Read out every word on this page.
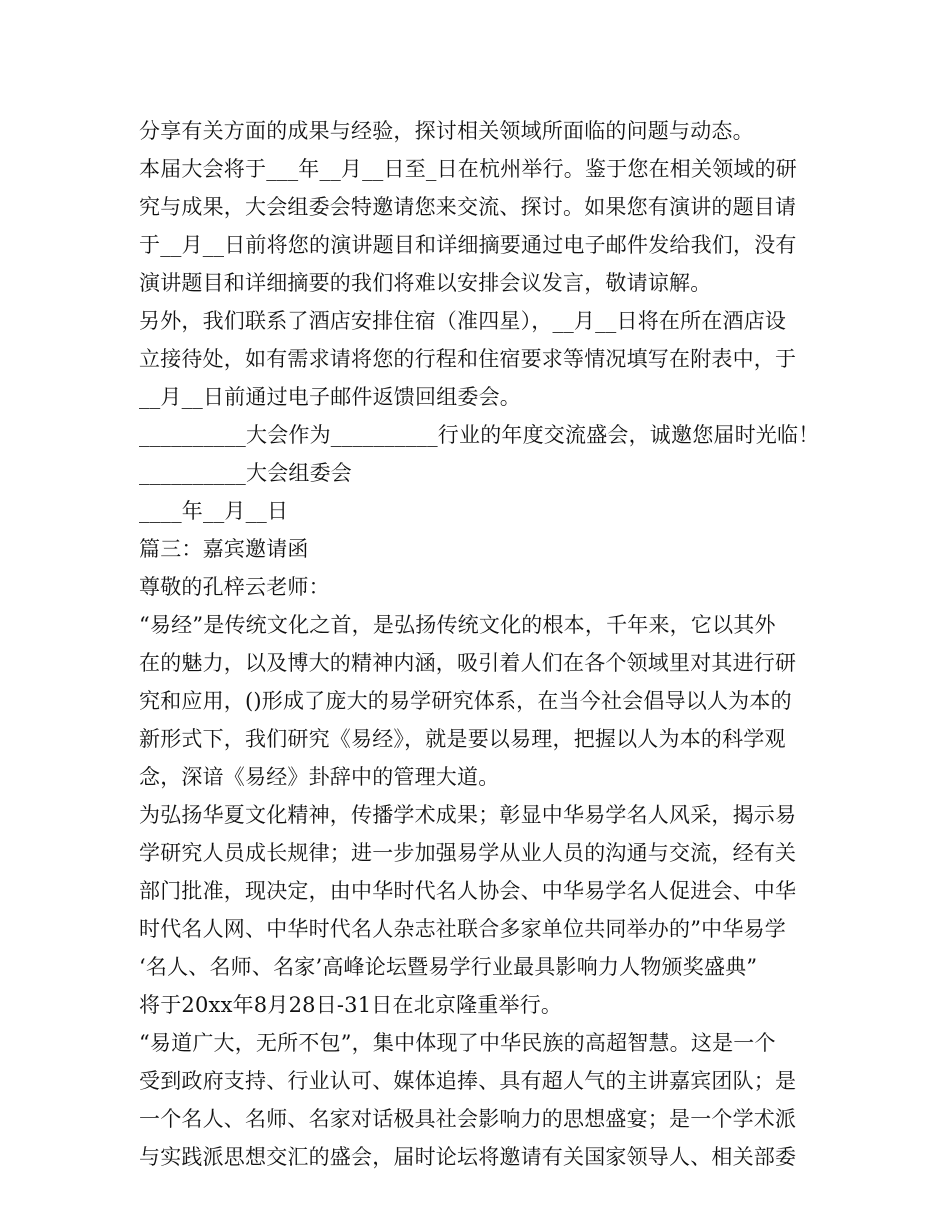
分享有关方面的成果与经验，探讨相关领域所面临的问题与动态。
本届大会将于___年__月__日至_日在杭州举行。鉴于您在相关领域的研
究与成果，大会组委会特邀请您来交流、探讨。如果您有演讲的题目请
于__月__日前将您的演讲题目和详细摘要通过电子邮件发给我们，没有
演讲题目和详细摘要的我们将难以安排会议发言，敬请谅解。
另外，我们联系了酒店安排住宿（准四星），__月__日将在所在酒店设
立接待处，如有需求请将您的行程和住宿要求等情况填写在附表中，于
__月__日前通过电子邮件返馈回组委会。
__________大会作为__________行业的年度交流盛会，诚邀您届时光临！
__________大会组委会
____年__月__日
篇三：嘉宾邀请函
尊敬的孔梓云老师：
“易经”是传统文化之首，是弘扬传统文化的根本，千年来，它以其外
在的魅力，以及博大的精神内涵，吸引着人们在各个领域里对其进行研
究和应用，()形成了庞大的易学研究体系，在当今社会倡导以人为本的
新形式下，我们研究《易经》，就是要以易理，把握以人为本的科学观
念，深谙《易经》卦辞中的管理大道。
为弘扬华夏文化精神，传播学术成果；彰显中华易学名人风采，揭示易
学研究人员成长规律；进一步加强易学从业人员的沟通与交流，经有关
部门批准，现决定，由中华时代名人协会、中华易学名人促进会、中华
时代名人网、中华时代名人杂志社联合多家单位共同举办的”中华易学
‘名人、名师、名家’高峰论坛暨易学行业最具影响力人物颁奖盛典”
将于20xx年8月28日-31日在北京隆重举行。
“易道广大，无所不包”，集中体现了中华民族的高超智慧。这是一个
受到政府支持、行业认可、媒体追捧、具有超人气的主讲嘉宾团队；是
一个名人、名师、名家对话极具社会影响力的思想盛宴；是一个学术派
与实践派思想交汇的盛会，届时论坛将邀请有关国家领导人、相关部委
